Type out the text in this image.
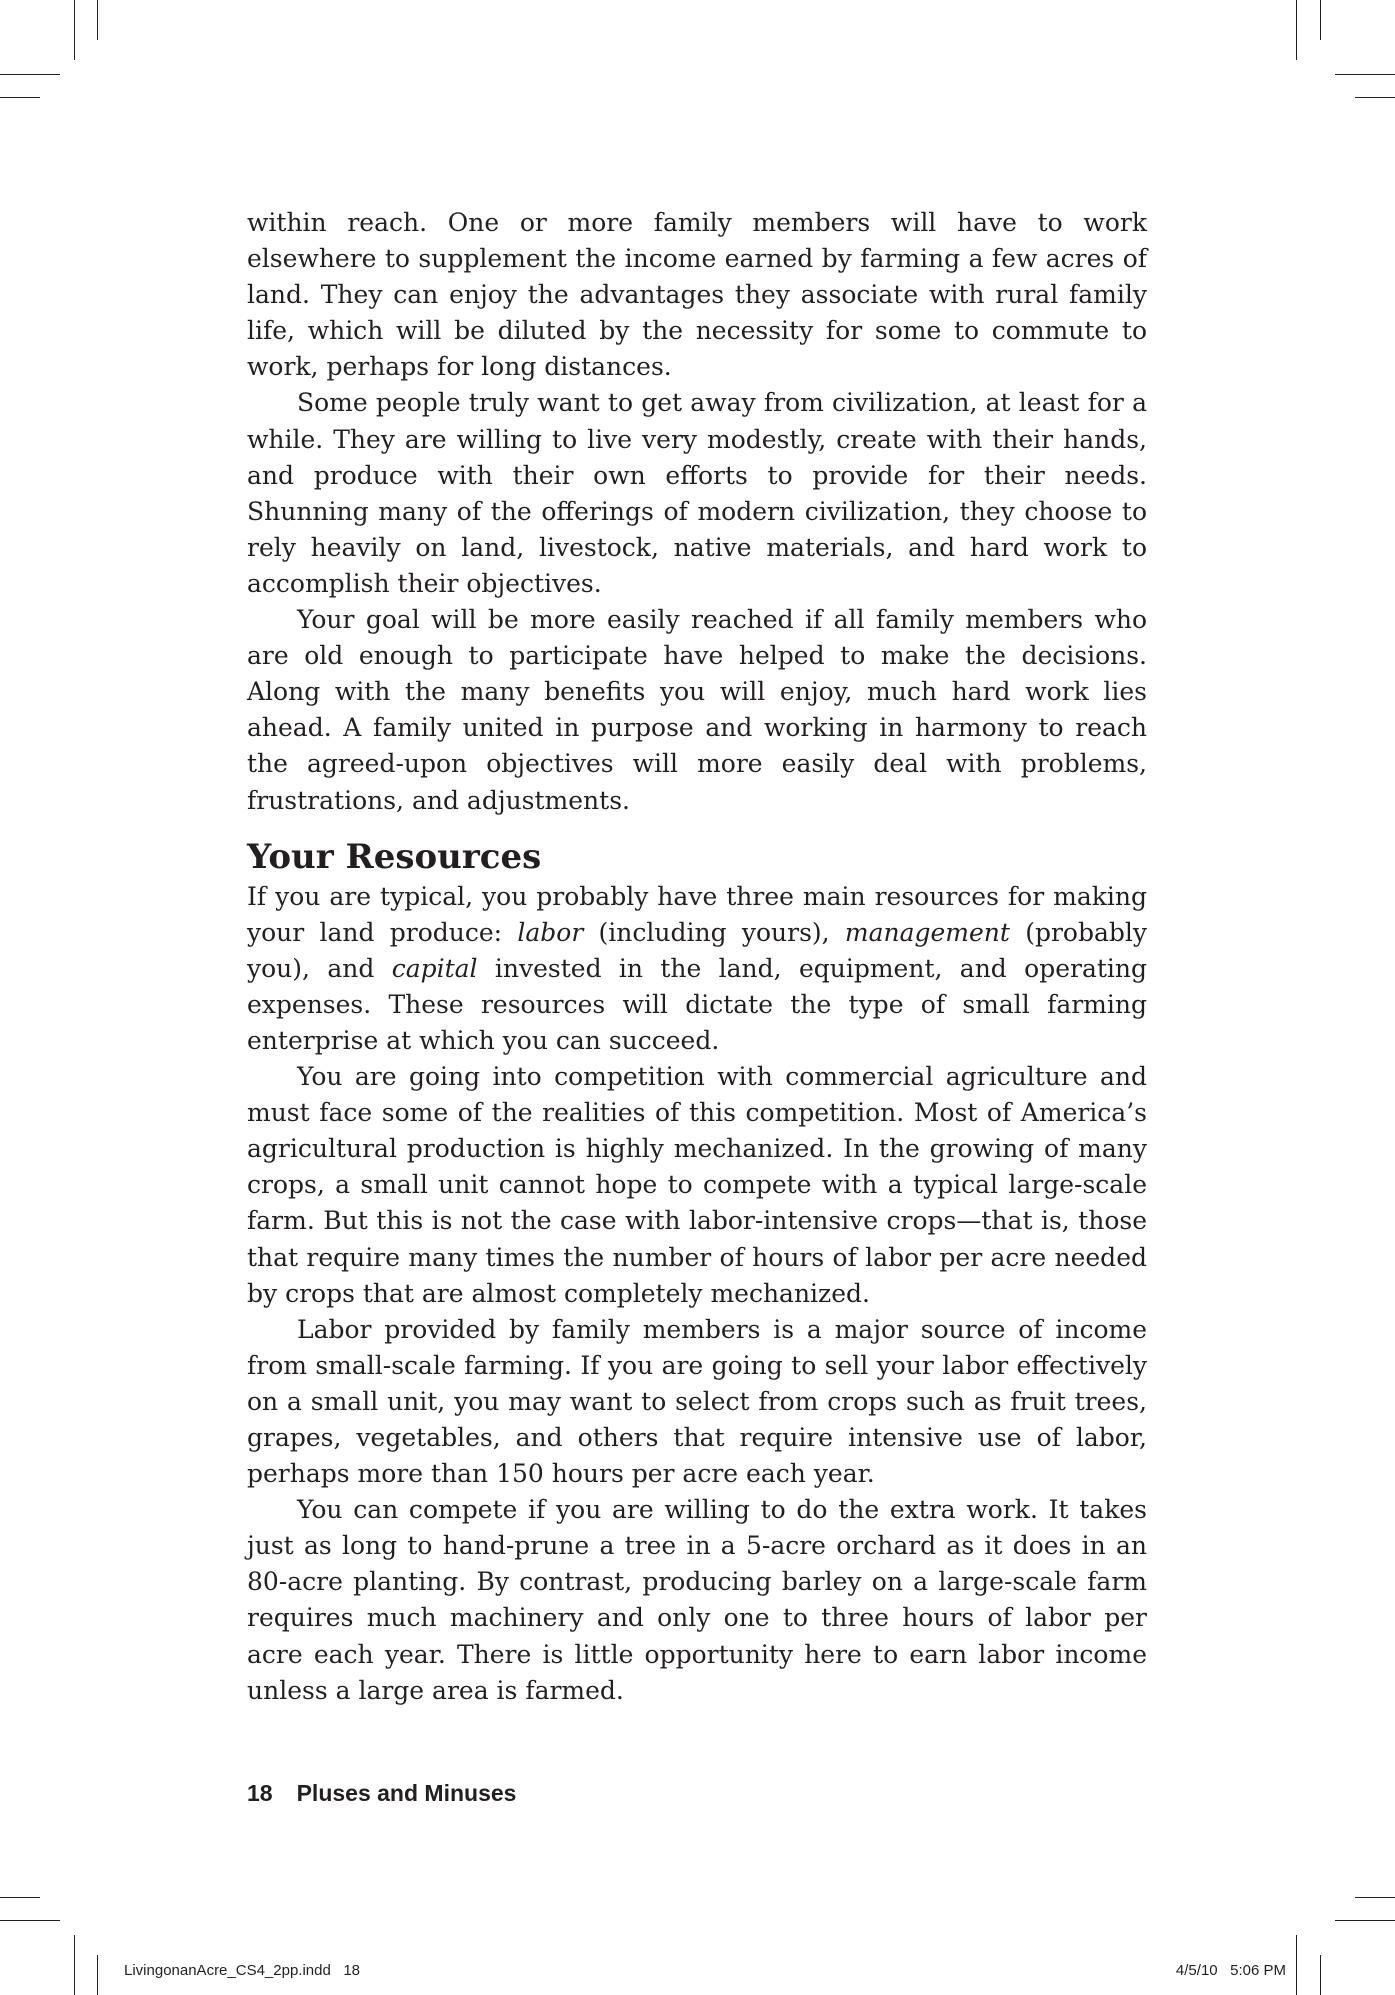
within reach. One or more family members will have to work elsewhere to supplement the income earned by farming a few acres of land. They can enjoy the advantages they associate with rural family life, which will be diluted by the necessity for some to commute to work, perhaps for long distances.

Some people truly want to get away from civilization, at least for a while. They are willing to live very modestly, create with their hands, and produce with their own efforts to provide for their needs. Shunning many of the offerings of modern civilization, they choose to rely heavily on land, livestock, native materials, and hard work to accomplish their objectives.

Your goal will be more easily reached if all family members who are old enough to participate have helped to make the decisions. Along with the many benefits you will enjoy, much hard work lies ahead. A family united in purpose and working in harmony to reach the agreed-upon objectives will more easily deal with problems, frustrations, and adjustments.

Your Resources

If you are typical, you probably have three main resources for making your land produce: labor (including yours), management (probably you), and capital invested in the land, equipment, and operating expenses. These resources will dictate the type of small farming enterprise at which you can succeed.

You are going into competition with commercial agriculture and must face some of the realities of this competition. Most of America’s agricultural production is highly mechanized. In the growing of many crops, a small unit cannot hope to compete with a typical large-scale farm. But this is not the case with labor-intensive crops—that is, those that require many times the number of hours of labor per acre needed by crops that are almost completely mechanized.

Labor provided by family members is a major source of income from small-scale farming. If you are going to sell your labor effectively on a small unit, you may want to select from crops such as fruit trees, grapes, vegetables, and others that require intensive use of labor, perhaps more than 150 hours per acre each year.

You can compete if you are willing to do the extra work. It takes just as long to hand-prune a tree in a 5-acre orchard as it does in an 80-acre planting. By contrast, producing barley on a large-scale farm requires much machinery and only one to three hours of labor per acre each year. There is little opportunity here to earn labor income unless a large area is farmed.

18 Pluses and Minuses
LivingonanAcre_CS4_2pp.indd   18	4/5/10   5:06 PM
